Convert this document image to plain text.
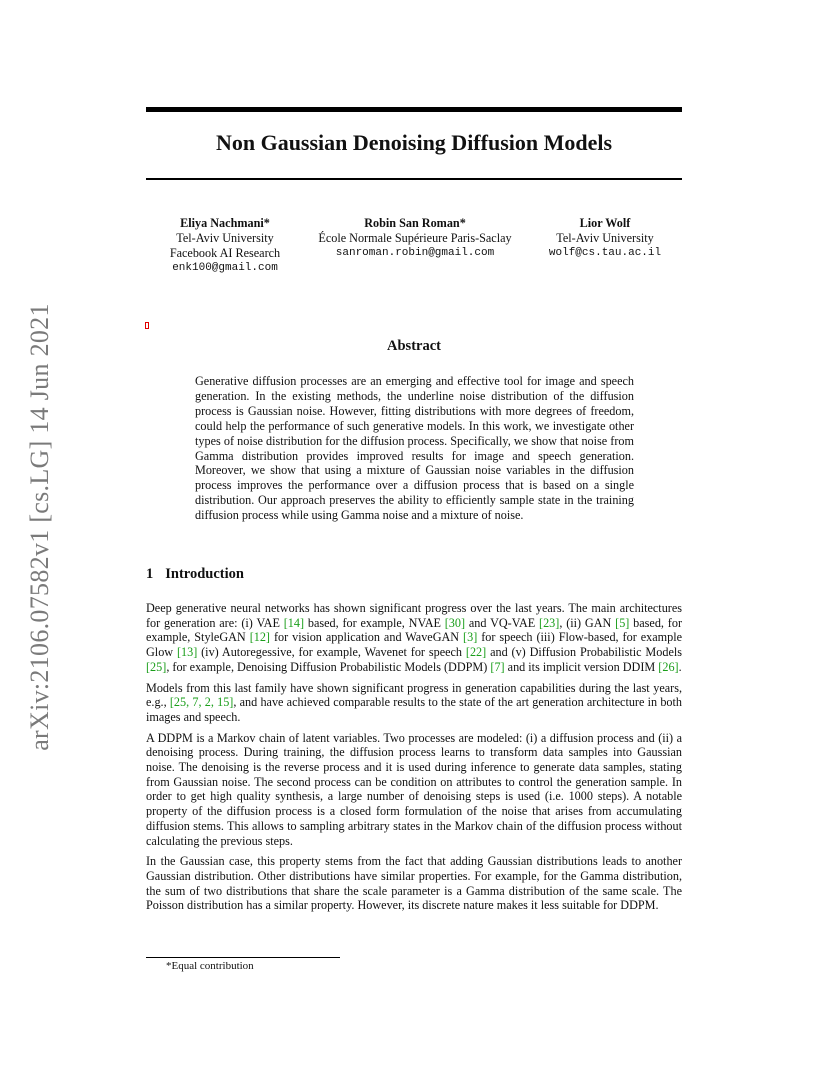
arXiv:2106.07582v1 [cs.LG] 14 Jun 2021
Non Gaussian Denoising Diffusion Models
Eliya Nachmani*
Tel-Aviv University
Facebook AI Research
enk100@gmail.com
Robin San Roman*
École Normale Supérieure Paris-Saclay
sanroman.robin@gmail.com
Lior Wolf
Tel-Aviv University
wolf@cs.tau.ac.il
Abstract

Generative diffusion processes are an emerging and effective tool for image and speech generation. In the existing methods, the underline noise distribution of the diffusion process is Gaussian noise. However, fitting distributions with more degrees of freedom, could help the performance of such generative models. In this work, we investigate other types of noise distribution for the diffusion process. Specifically, we show that noise from Gamma distribution provides improved results for image and speech generation. Moreover, we show that using a mixture of Gaussian noise variables in the diffusion process improves the performance over a diffusion process that is based on a single distribution. Our approach preserves the ability to efficiently sample state in the training diffusion process while using Gamma noise and a mixture of noise.

1 Introduction

Deep generative neural networks has shown significant progress over the last years. The main architectures for generation are: (i) VAE [14] based, for example, NVAE [30] and VQ-VAE [23], (ii) GAN [5] based, for example, StyleGAN [12] for vision application and WaveGAN [3] for speech (iii) Flow-based, for example Glow [13] (iv) Autoregessive, for example, Wavenet for speech [22] and (v) Diffusion Probabilistic Models [25], for example, Denoising Diffusion Probabilistic Models (DDPM) [7] and its implicit version DDIM [26].

Models from this last family have shown significant progress in generation capabilities during the last years, e.g., [25, 7, 2, 15], and have achieved comparable results to the state of the art generation architecture in both images and speech.

A DDPM is a Markov chain of latent variables. Two processes are modeled: (i) a diffusion process and (ii) a denoising process. During training, the diffusion process learns to transform data samples into Gaussian noise. The denoising is the reverse process and it is used during inference to generate data samples, stating from Gaussian noise. The second process can be condition on attributes to control the generation sample. In order to get high quality synthesis, a large number of denoising steps is used (i.e. 1000 steps). A notable property of the diffusion process is a closed form formulation of the noise that arises from accumulating diffusion stems. This allows to sampling arbitrary states in the Markov chain of the diffusion process without calculating the previous steps.

In the Gaussian case, this property stems from the fact that adding Gaussian distributions leads to another Gaussian distribution. Other distributions have similar properties. For example, for the Gamma distribution, the sum of two distributions that share the scale parameter is a Gamma distribution of the same scale. The Poisson distribution has a similar property. However, its discrete nature makes it less suitable for DDPM.

*Equal contribution
